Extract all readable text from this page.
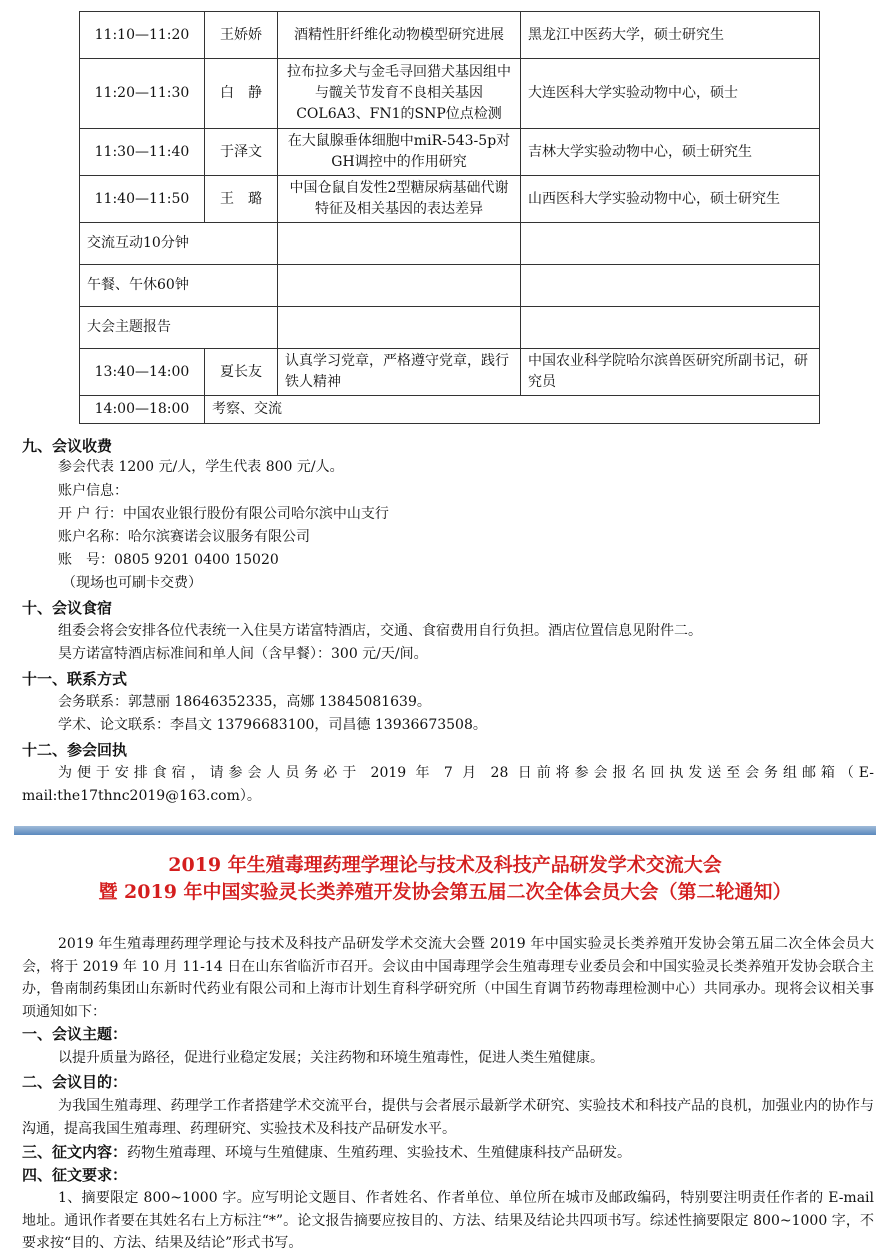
11:10—11:20	王娇娇	酒精性肝纤维化动物模型研究进展	黑龙江中医药大学，硕士研究生
11:20—11:30	白　静	拉布拉多犬与金毛寻回猎犬基因组中与髋关节发育不良相关基因COL6A3、FN1的SNP位点检测	大连医科大学实验动物中心，硕士
11:30—11:40	于泽文	在大鼠腺垂体细胞中miR-543-5p对GH调控中的作用研究	吉林大学实验动物中心，硕士研究生
11:40—11:50	王　璐	中国仓鼠自发性2型糖尿病基础代谢特征及相关基因的表达差异	山西医科大学实验动物中心，硕士研究生
交流互动10分钟			
午餐、午休60钟			
大会主题报告			
13:40—14:00	夏长友	认真学习党章，严格遵守党章，践行铁人精神	中国农业科学院哈尔滨兽医研究所副书记，研究员
14:00—18:00	考察、交流		
九、会议收费
参会代表 1200 元/人，学生代表 800 元/人。
账户信息：
开 户 行：中国农业银行股份有限公司哈尔滨中山支行
账户名称：哈尔滨赛诺会议服务有限公司
账　号：0805 9201 0400 15020
（现场也可刷卡交费）
十、会议食宿
组委会将会安排各位代表统一入住昊方诺富特酒店，交通、食宿费用自行负担。酒店位置信息见附件二。
昊方诺富特酒店标准间和单人间（含早餐）：300 元/天/间。
十一、联系方式
会务联系：郭慧丽 18646352335，高娜 13845081639。
学术、论文联系：李昌文 13796683100，司昌德 13936673508。
十二、参会回执
为便于安排食宿，请参会人员务必于 2019 年 7 月 28 日前将参会报名回执发送至会务组邮箱（E-mail:the17thnc2019@163.com）。
2019 年生殖毒理药理学理论与技术及科技产品研发学术交流大会
暨 2019 年中国实验灵长类养殖开发协会第五届二次全体会员大会（第二轮通知）
2019 年生殖毒理药理学理论与技术及科技产品研发学术交流大会暨 2019 年中国实验灵长类养殖开发协会第五届二次全体会员大会，将于 2019 年 10 月 11-14 日在山东省临沂市召开。会议由中国毒理学会生殖毒理专业委员会和中国实验灵长类养殖开发协会联合主办，鲁南制药集团山东新时代药业有限公司和上海市计划生育科学研究所（中国生育调节药物毒理检测中心）共同承办。现将会议相关事项通知如下：
一、会议主题：
以提升质量为路径，促进行业稳定发展；关注药物和环境生殖毒性，促进人类生殖健康。
二、会议目的：
为我国生殖毒理、药理学工作者搭建学术交流平台，提供与会者展示最新学术研究、实验技术和科技产品的良机，加强业内的协作与沟通，提高我国生殖毒理、药理研究、实验技术及科技产品研发水平。
三、征文内容：药物生殖毒理、环境与生殖健康、生殖药理、实验技术、生殖健康科技产品研发。
四、征文要求：
1、摘要限定 800~1000 字。应写明论文题目、作者姓名、作者单位、单位所在城市及邮政编码，特别要注明责任作者的 E-mail 地址。通讯作者要在其姓名右上方标注“*”。论文报告摘要应按目的、方法、结果及结论共四项书写。综述性摘要限定 800~1000 字，不要求按“目的、方法、结果及结论”形式书写。
